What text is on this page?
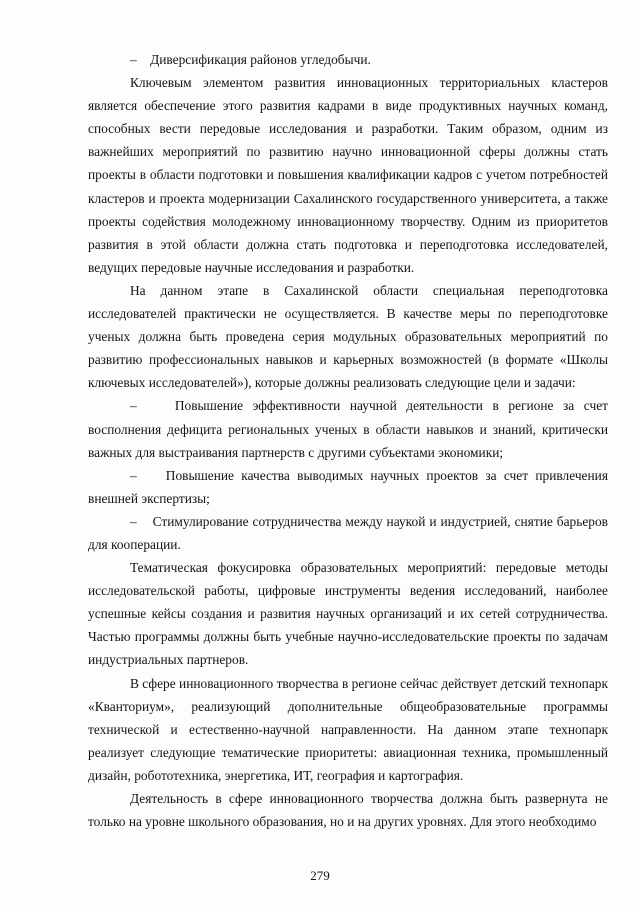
–    Диверсификация районов угледобычи.

Ключевым элементом развития инновационных территориальных кластеров является обеспечение этого развития кадрами в виде продуктивных научных команд, способных вести передовые исследования и разработки. Таким образом, одним из важнейших мероприятий по развитию научно инновационной сферы должны стать проекты в области подготовки и повышения квалификации кадров с учетом потребностей кластеров и проекта модернизации Сахалинского государственного университета, а также проекты содействия молодежному инновационному творчеству. Одним из приоритетов развития в этой области должна стать подготовка и переподготовка исследователей, ведущих передовые научные исследования и разработки.

На данном этапе в Сахалинской области специальная переподготовка исследователей практически не осуществляется. В качестве меры по переподготовке ученых должна быть проведена серия модульных образовательных мероприятий по развитию профессиональных навыков и карьерных возможностей (в формате «Школы ключевых исследователей»), которые должны реализовать следующие цели и задачи:

–    Повышение эффективности научной деятельности в регионе за счет восполнения дефицита региональных ученых в области навыков и знаний, критически важных для выстраивания партнерств с другими субъектами экономики;

–    Повышение качества выводимых научных проектов за счет привлечения внешней экспертизы;

–    Стимулирование сотрудничества между наукой и индустрией, снятие барьеров для кооперации.

Тематическая фокусировка образовательных мероприятий: передовые методы исследовательской работы, цифровые инструменты ведения исследований, наиболее успешные кейсы создания и развития научных организаций и их сетей сотрудничества. Частью программы должны быть учебные научно-исследовательские проекты по задачам индустриальных партнеров.

В сфере инновационного творчества в регионе сейчас действует детский технопарк «Кванториум», реализующий дополнительные общеобразовательные программы технической и естественно-научной направленности. На данном этапе технопарк реализует следующие тематические приоритеты: авиационная техника, промышленный дизайн, робототехника, энергетика, ИТ, география и картография.

Деятельность в сфере инновационного творчества должна быть развернута не только на уровне школьного образования, но и на других уровнях. Для этого необходимо

279
